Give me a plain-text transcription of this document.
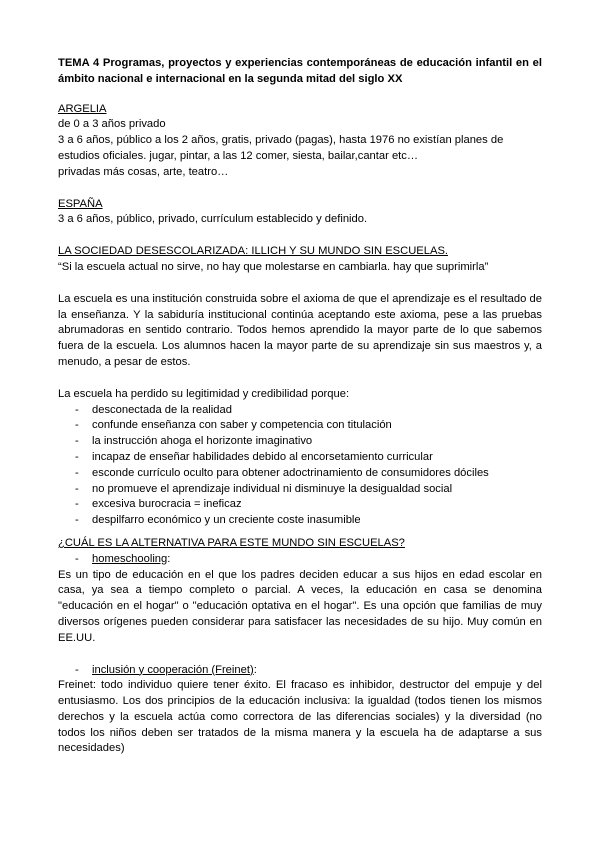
TEMA 4 Programas, proyectos y experiencias contemporáneas de educación infantil en el ámbito nacional e internacional en la segunda mitad del siglo XX

ARGELIA

de 0 a 3 años privado

3 a 6 años, público a los 2 años, gratis, privado (pagas), hasta 1976 no existían planes de estudios oficiales. jugar, pintar, a las 12 comer, siesta, bailar,cantar etc…

privadas más cosas, arte, teatro…

ESPAÑA

3 a 6 años, público, privado, currículum establecido y definido.

LA SOCIEDAD DESESCOLARIZADA: ILLICH Y SU MUNDO SIN ESCUELAS.

“Si la escuela actual no sirve, no hay que molestarse en cambiarla. hay que suprimirla”

La escuela es una institución construida sobre el axioma de que el aprendizaje es el resultado de la enseñanza. Y la sabiduría institucional continúa aceptando este axioma, pese a las pruebas abrumadoras en sentido contrario. Todos hemos aprendido la mayor parte de lo que sabemos fuera de la escuela. Los alumnos hacen la mayor parte de su aprendizaje sin sus maestros y, a menudo, a pesar de estos.

La escuela ha perdido su legitimidad y credibilidad porque:

- desconectada de la realidad
- confunde enseñanza con saber y competencia con titulación
- la instrucción ahoga el horizonte imaginativo
- incapaz de enseñar habilidades debido al encorsetamiento curricular
- esconde currículo oculto para obtener adoctrinamiento de consumidores dóciles
- no promueve el aprendizaje individual ni disminuye la desigualdad social
- excesiva burocracia = ineficaz
- despilfarro económico y un creciente coste inasumible

¿CUÁL ES LA ALTERNATIVA PARA ESTE MUNDO SIN ESCUELAS?

- homeschooling:

Es un tipo de educación en el que los padres deciden educar a sus hijos en edad escolar en casa, ya sea a tiempo completo o parcial. A veces, la educación en casa se denomina "educación en el hogar" o "educación optativa en el hogar". Es una opción que familias de muy diversos orígenes pueden considerar para satisfacer las necesidades de su hijo. Muy común en EE.UU.

- inclusión y cooperación (Freinet):

Freinet: todo individuo quiere tener éxito. El fracaso es inhibidor, destructor del empuje y del entusiasmo. Los dos principios de la educación inclusiva: la igualdad (todos tienen los mismos derechos y la escuela actúa como correctora de las diferencias sociales) y la diversidad (no todos los niños deben ser tratados de la misma manera y la escuela ha de adaptarse a sus necesidades)
